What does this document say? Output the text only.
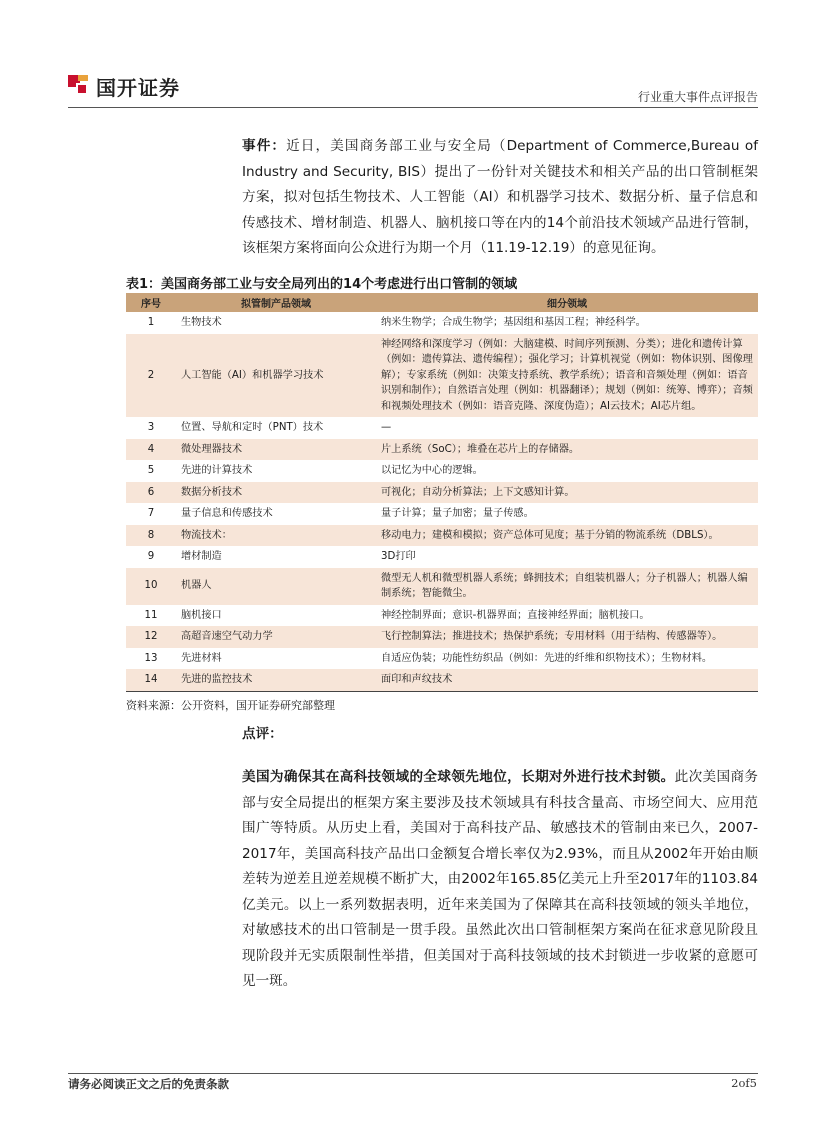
国开证券	行业重大事件点评报告
事件：近日，美国商务部工业与安全局（Department of Commerce,Bureau of Industry and Security, BIS）提出了一份针对关键技术和相关产品的出口管制框架方案，拟对包括生物技术、人工智能（AI）和机器学习技术、数据分析、量子信息和传感技术、增材制造、机器人、脑机接口等在内的14个前沿技术领域产品进行管制，该框架方案将面向公众进行为期一个月（11.19-12.19）的意见征询。
表1：美国商务部工业与安全局列出的14个考虑进行出口管制的领域
序号	拟管制产品领域	细分领域
1	生物技术	纳米生物学；合成生物学；基因组和基因工程；神经科学。
2	人工智能（AI）和机器学习技术	神经网络和深度学习（例如：大脑建模、时间序列预测、分类）；进化和遗传计算（例如：遗传算法、遗传编程）；强化学习；计算机视觉（例如：物体识别、图像理解）；专家系统（例如：决策支持系统、教学系统）；语音和音频处理（例如：语音识别和制作）；自然语言处理（例如：机器翻译）；规划（例如：统筹、博弈）；音频和视频处理技术（例如：语音克隆、深度伪造）；AI云技术；AI芯片组。
3	位置、导航和定时（PNT）技术	—
4	微处理器技术	片上系统（SoC）；堆叠在芯片上的存储器。
5	先进的计算技术	以记忆为中心的逻辑。
6	数据分析技术	可视化；自动分析算法；上下文感知计算。
7	量子信息和传感技术	量子计算；量子加密；量子传感。
8	物流技术：	移动电力；建模和模拟；资产总体可见度；基于分销的物流系统（DBLS）。
9	增材制造	3D打印
10	机器人	微型无人机和微型机器人系统；蜂拥技术；自组装机器人；分子机器人；机器人编制系统；智能微尘。
11	脑机接口	神经控制界面；意识-机器界面；直接神经界面；脑机接口。
12	高超音速空气动力学	飞行控制算法；推进技术；热保护系统；专用材料（用于结构、传感器等）。
13	先进材料	自适应伪装；功能性纺织品（例如：先进的纤维和织物技术）；生物材料。
14	先进的监控技术	面印和声纹技术
资料来源：公开资料，国开证券研究部整理
点评：
美国为确保其在高科技领域的全球领先地位，长期对外进行技术封锁。此次美国商务部与安全局提出的框架方案主要涉及技术领域具有科技含量高、市场空间大、应用范围广等特质。从历史上看，美国对于高科技产品、敏感技术的管制由来已久，2007-2017年，美国高科技产品出口金额复合增长率仅为2.93%，而且从2002年开始由顺差转为逆差且逆差规模不断扩大，由2002年165.85亿美元上升至2017年的1103.84亿美元。以上一系列数据表明，近年来美国为了保障其在高科技领域的领头羊地位，对敏感技术的出口管制是一贯手段。虽然此次出口管制框架方案尚在征求意见阶段且现阶段并无实质限制性举措，但美国对于高科技领域的技术封锁进一步收紧的意愿可见一斑。
请务必阅读正文之后的免责条款	2of5
